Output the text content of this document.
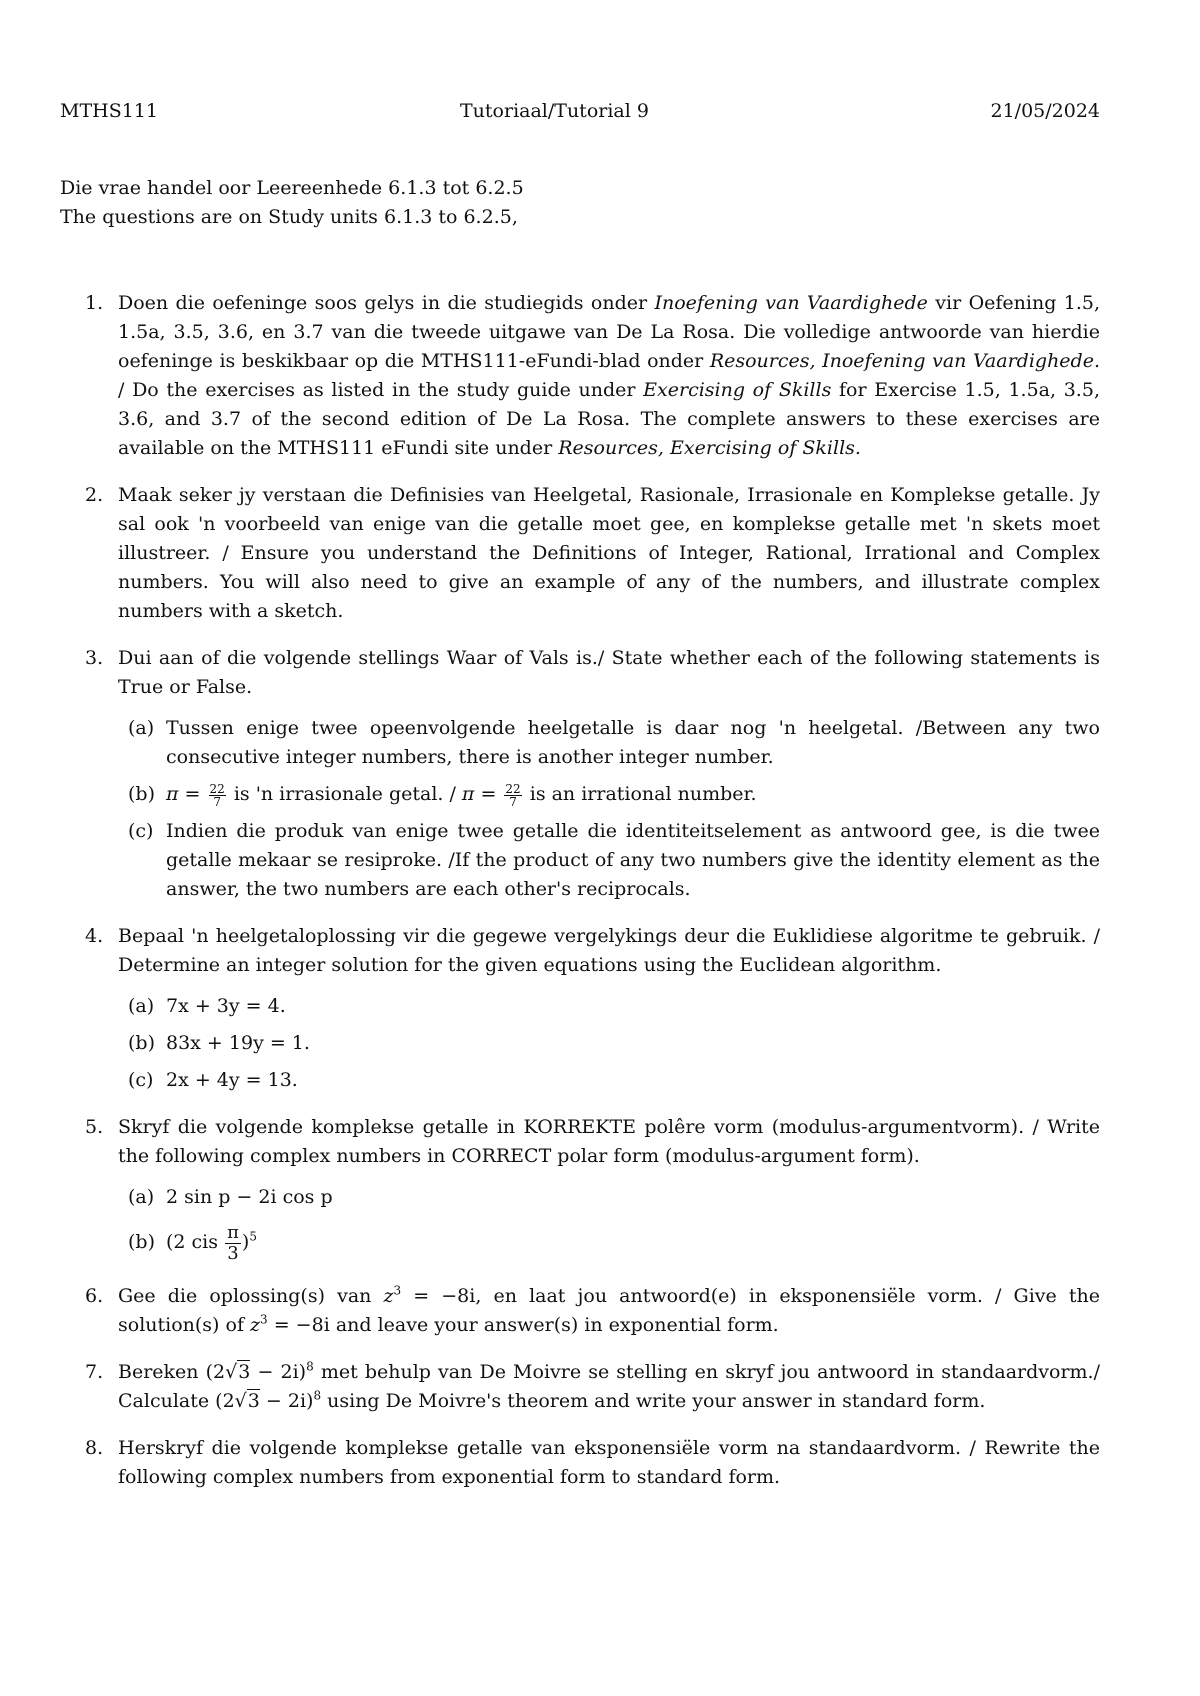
MTHS111	Tutoriaal/Tutorial 9	21/05/2024
Die vrae handel oor Leereenhede 6.1.3 tot 6.2.5
The questions are on Study units 6.1.3 to 6.2.5,
1. Doen die oefeninge soos gelys in die studiegids onder Inoefening van Vaardighede vir Oefening 1.5, 1.5a, 3.5, 3.6, en 3.7 van die tweede uitgawe van De La Rosa. Die volledige antwoorde van hierdie oefeninge is beskikbaar op die MTHS111-eFundi-blad onder Resources, Inoefening van Vaardighede. / Do the exercises as listed in the study guide under Exercising of Skills for Exercise 1.5, 1.5a, 3.5, 3.6, and 3.7 of the second edition of De La Rosa. The complete answers to these exercises are available on the MTHS111 eFundi site under Resources, Exercising of Skills.
2. Maak seker jy verstaan die Definisies van Heelgetal, Rasionale, Irrasionale en Komplekse getalle. Jy sal ook 'n voorbeeld van enige van die getalle moet gee, en komplekse getalle met 'n skets moet illustreer. / Ensure you understand the Definitions of Integer, Rational, Irrational and Complex numbers. You will also need to give an example of any of the numbers, and illustrate complex numbers with a sketch.
3. Dui aan of die volgende stellings Waar of Vals is./ State whether each of the following statements is True or False.
(a) Tussen enige twee opeenvolgende heelgetalle is daar nog 'n heelgetal. /Between any two consecutive integer numbers, there is another integer number.
(b) $\pi = \frac{22}{7}$ is 'n irrasionale getal. / $\pi = \frac{22}{7}$ is an irrational number.
(c) Indien die produk van enige twee getalle die identiteitselement as antwoord gee, is die twee getalle mekaar se resiproke. /If the product of any two numbers give the identity element as the answer, the two numbers are each other's reciprocals.
4. Bepaal 'n heelgetaloplossing vir die gegewe vergelykings deur die Euklidiese algoritme te gebruik. / Determine an integer solution for the given equations using the Euclidean algorithm.
(a) 7x + 3y = 4.
(b) 83x + 19y = 1.
(c) 2x + 4y = 13.
5. Skryf die volgende komplekse getalle in KORREKTE polêre vorm (modulus-argumentvorm). / Write the following complex numbers in CORRECT polar form (modulus-argument form).
(a) 2 sin p − 2i cos p
(b) (2 cis $\frac{\pi}{3} )^5$
6. Gee die oplossing(s) van $z^3 = -8i$, en laat jou antwoord(e) in eksponensiële vorm. / Give the solution(s) of $z^3 = -8i$ and leave your answer(s) in exponential form.
7. Bereken $(2√3 - 2i)^8$ met behulp van De Moivre se stelling en skryf jou antwoord in standaardvorm./ Calculate $(2√3 - 2i)^8$ using De Moivre's theorem and write your answer in standard form.
8. Herskryf die volgende komplekse getalle van eksponensiële vorm na standaardvorm. / Rewrite the following complex numbers from exponential form to standard form.
